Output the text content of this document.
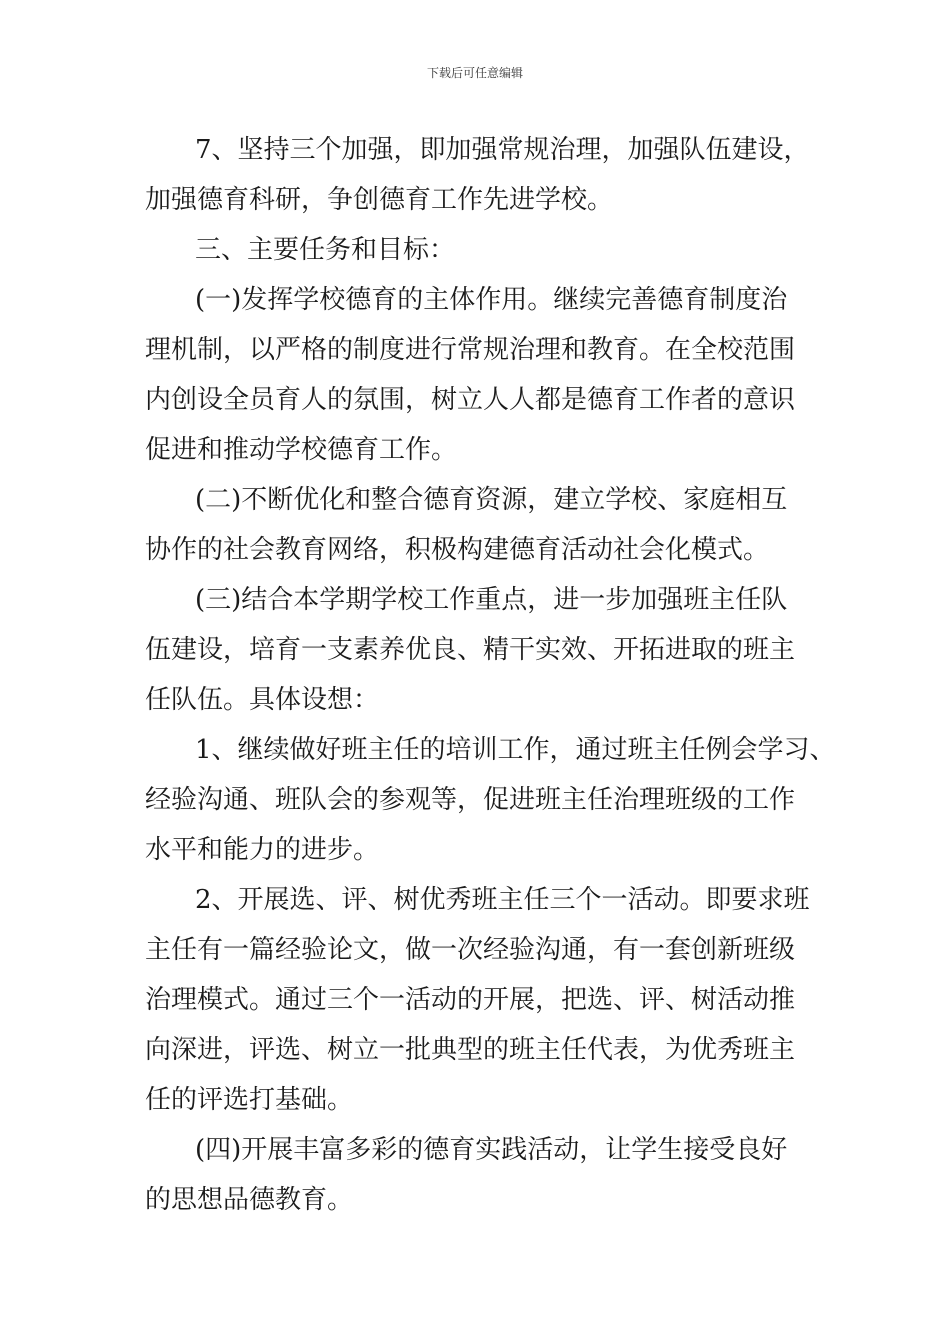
下载后可任意编辑
7、坚持三个加强，即加强常规治理，加强队伍建设，
加强德育科研，争创德育工作先进学校。
三、主要任务和目标：
(一)发挥学校德育的主体作用。继续完善德育制度治
理机制，以严格的制度进行常规治理和教育。在全校范围
内创设全员育人的氛围，树立人人都是德育工作者的意识
促进和推动学校德育工作。
(二)不断优化和整合德育资源，建立学校、家庭相互
协作的社会教育网络，积极构建德育活动社会化模式。
(三)结合本学期学校工作重点，进一步加强班主任队
伍建设，培育一支素养优良、精干实效、开拓进取的班主
任队伍。具体设想：
1、继续做好班主任的培训工作，通过班主任例会学习、
经验沟通、班队会的参观等，促进班主任治理班级的工作
水平和能力的进步。
2、开展选、评、树优秀班主任三个一活动。即要求班
主任有一篇经验论文，做一次经验沟通，有一套创新班级
治理模式。通过三个一活动的开展，把选、评、树活动推
向深进，评选、树立一批典型的班主任代表，为优秀班主
任的评选打基础。
(四)开展丰富多彩的德育实践活动，让学生接受良好
的思想品德教育。
